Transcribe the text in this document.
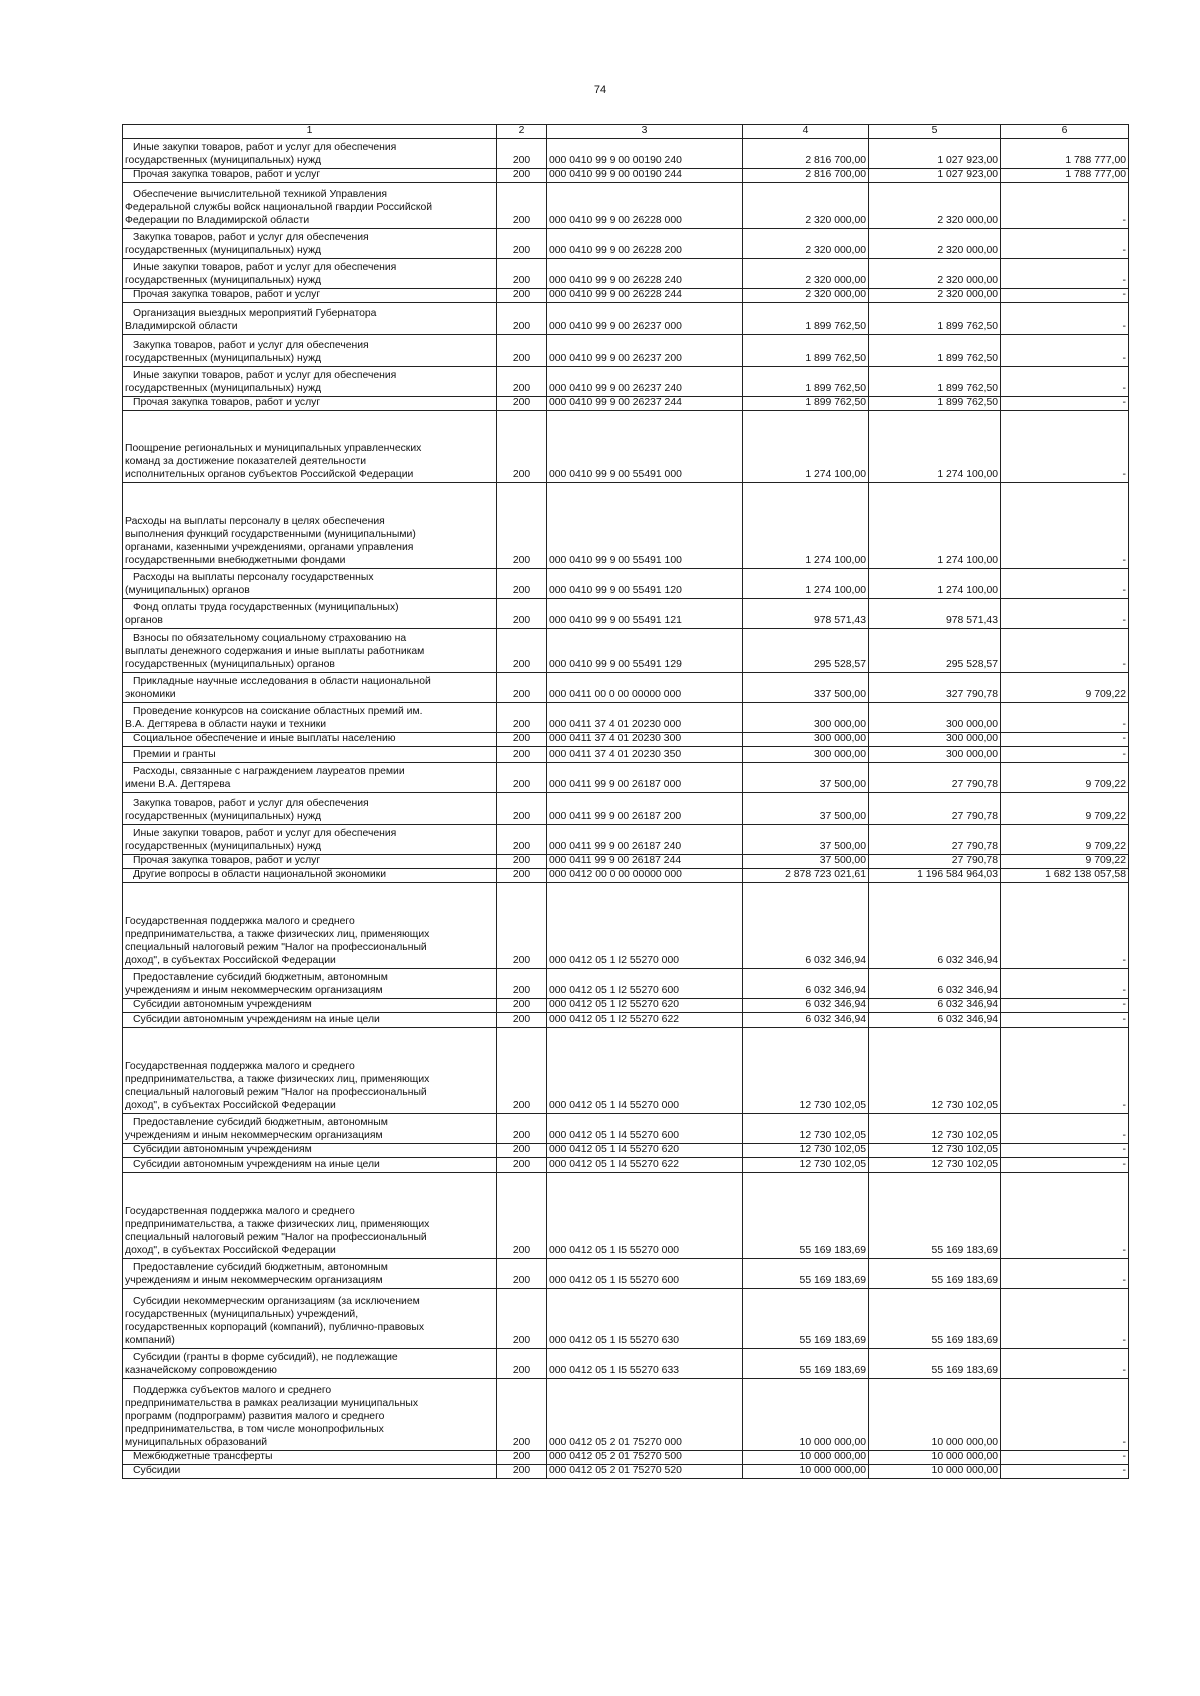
74
1	2	3	4	5	6
Иные закупки товаров, работ и услуг для обеспечения
государственных (муниципальных) нужд	200	000 0410 99 9 00 00190 240	2 816 700,00	1 027 923,00	1 788 777,00
Прочая закупка товаров, работ и услуг	200	000 0410 99 9 00 00190 244	2 816 700,00	1 027 923,00	1 788 777,00
Обеспечение вычислительной техникой Управления
Федеральной службы войск национальной гвардии Российской
Федерации по Владимирской области	200	000 0410 99 9 00 26228 000	2 320 000,00	2 320 000,00	-
Закупка товаров, работ и услуг для обеспечения
государственных (муниципальных) нужд	200	000 0410 99 9 00 26228 200	2 320 000,00	2 320 000,00	-
Иные закупки товаров, работ и услуг для обеспечения
государственных (муниципальных) нужд	200	000 0410 99 9 00 26228 240	2 320 000,00	2 320 000,00	-
Прочая закупка товаров, работ и услуг	200	000 0410 99 9 00 26228 244	2 320 000,00	2 320 000,00	-
Организация выездных мероприятий Губернатора
Владимирской области	200	000 0410 99 9 00 26237 000	1 899 762,50	1 899 762,50	-
Закупка товаров, работ и услуг для обеспечения
государственных (муниципальных) нужд	200	000 0410 99 9 00 26237 200	1 899 762,50	1 899 762,50	-
Иные закупки товаров, работ и услуг для обеспечения
государственных (муниципальных) нужд	200	000 0410 99 9 00 26237 240	1 899 762,50	1 899 762,50	-
Прочая закупка товаров, работ и услуг	200	000 0410 99 9 00 26237 244	1 899 762,50	1 899 762,50	-

Поощрение региональных и муниципальных управленческих
команд за достижение показателей деятельности
исполнительных органов субъектов Российской Федерации	200	000 0410 99 9 00 55491 000	1 274 100,00	1 274 100,00	-

Расходы на выплаты персоналу в целях обеспечения
выполнения функций государственными (муниципальными)
органами, казенными учреждениями, органами управления
государственными внебюджетными фондами	200	000 0410 99 9 00 55491 100	1 274 100,00	1 274 100,00	-
Расходы на выплаты персоналу государственных
(муниципальных) органов	200	000 0410 99 9 00 55491 120	1 274 100,00	1 274 100,00	-
Фонд оплаты труда государственных (муниципальных)
органов	200	000 0410 99 9 00 55491 121	978 571,43	978 571,43	-
Взносы по обязательному социальному страхованию на
выплаты денежного содержания и иные выплаты работникам
государственных (муниципальных) органов	200	000 0410 99 9 00 55491 129	295 528,57	295 528,57	-
Прикладные научные исследования в области национальной
экономики	200	000 0411 00 0 00 00000 000	337 500,00	327 790,78	9 709,22
Проведение конкурсов на соискание областных премий им.
В.А. Дегтярева в области науки и техники	200	000 0411 37 4 01 20230 000	300 000,00	300 000,00	-
Социальное обеспечение и иные выплаты населению	200	000 0411 37 4 01 20230 300	300 000,00	300 000,00	-
Премии и гранты	200	000 0411 37 4 01 20230 350	300 000,00	300 000,00	-
Расходы, связанные с награждением лауреатов премии
имени В.А. Дегтярева	200	000 0411 99 9 00 26187 000	37 500,00	27 790,78	9 709,22
Закупка товаров, работ и услуг для обеспечения
государственных (муниципальных) нужд	200	000 0411 99 9 00 26187 200	37 500,00	27 790,78	9 709,22
Иные закупки товаров, работ и услуг для обеспечения
государственных (муниципальных) нужд	200	000 0411 99 9 00 26187 240	37 500,00	27 790,78	9 709,22
Прочая закупка товаров, работ и услуг	200	000 0411 99 9 00 26187 244	37 500,00	27 790,78	9 709,22
Другие вопросы в области национальной экономики	200	000 0412 00 0 00 00000 000	2 878 723 021,61	1 196 584 964,03	1 682 138 057,58

Государственная поддержка малого и среднего
предпринимательства, а также физических лиц, применяющих
специальный налоговый режим "Налог на профессиональный
доход", в субъектах Российской Федерации	200	000 0412 05 1 I2 55270 000	6 032 346,94	6 032 346,94	-
Предоставление субсидий бюджетным, автономным
учреждениям и иным некоммерческим организациям	200	000 0412 05 1 I2 55270 600	6 032 346,94	6 032 346,94	-
Субсидии автономным учреждениям	200	000 0412 05 1 I2 55270 620	6 032 346,94	6 032 346,94	-
Субсидии автономным учреждениям на иные цели	200	000 0412 05 1 I2 55270 622	6 032 346,94	6 032 346,94	-

Государственная поддержка малого и среднего
предпринимательства, а также физических лиц, применяющих
специальный налоговый режим "Налог на профессиональный
доход", в субъектах Российской Федерации	200	000 0412 05 1 I4 55270 000	12 730 102,05	12 730 102,05	-
Предоставление субсидий бюджетным, автономным
учреждениям и иным некоммерческим организациям	200	000 0412 05 1 I4 55270 600	12 730 102,05	12 730 102,05	-
Субсидии автономным учреждениям	200	000 0412 05 1 I4 55270 620	12 730 102,05	12 730 102,05	-
Субсидии автономным учреждениям на иные цели	200	000 0412 05 1 I4 55270 622	12 730 102,05	12 730 102,05	-

Государственная поддержка малого и среднего
предпринимательства, а также физических лиц, применяющих
специальный налоговый режим "Налог на профессиональный
доход", в субъектах Российской Федерации	200	000 0412 05 1 I5 55270 000	55 169 183,69	55 169 183,69	-
Предоставление субсидий бюджетным, автономным
учреждениям и иным некоммерческим организациям	200	000 0412 05 1 I5 55270 600	55 169 183,69	55 169 183,69	-
Субсидии некоммерческим организациям (за исключением
государственных (муниципальных) учреждений,
государственных корпораций (компаний), публично-правовых
компаний)	200	000 0412 05 1 I5 55270 630	55 169 183,69	55 169 183,69	-
Субсидии (гранты в форме субсидий), не подлежащие
казначейскому сопровождению	200	000 0412 05 1 I5 55270 633	55 169 183,69	55 169 183,69	-
Поддержка субъектов малого и среднего
предпринимательства в рамках реализации муниципальных
программ (подпрограмм) развития малого и среднего
предпринимательства, в том числе монопрофильных
муниципальных образований	200	000 0412 05 2 01 75270 000	10 000 000,00	10 000 000,00	-
Межбюджетные трансферты	200	000 0412 05 2 01 75270 500	10 000 000,00	10 000 000,00	-
Субсидии	200	000 0412 05 2 01 75270 520	10 000 000,00	10 000 000,00	-
